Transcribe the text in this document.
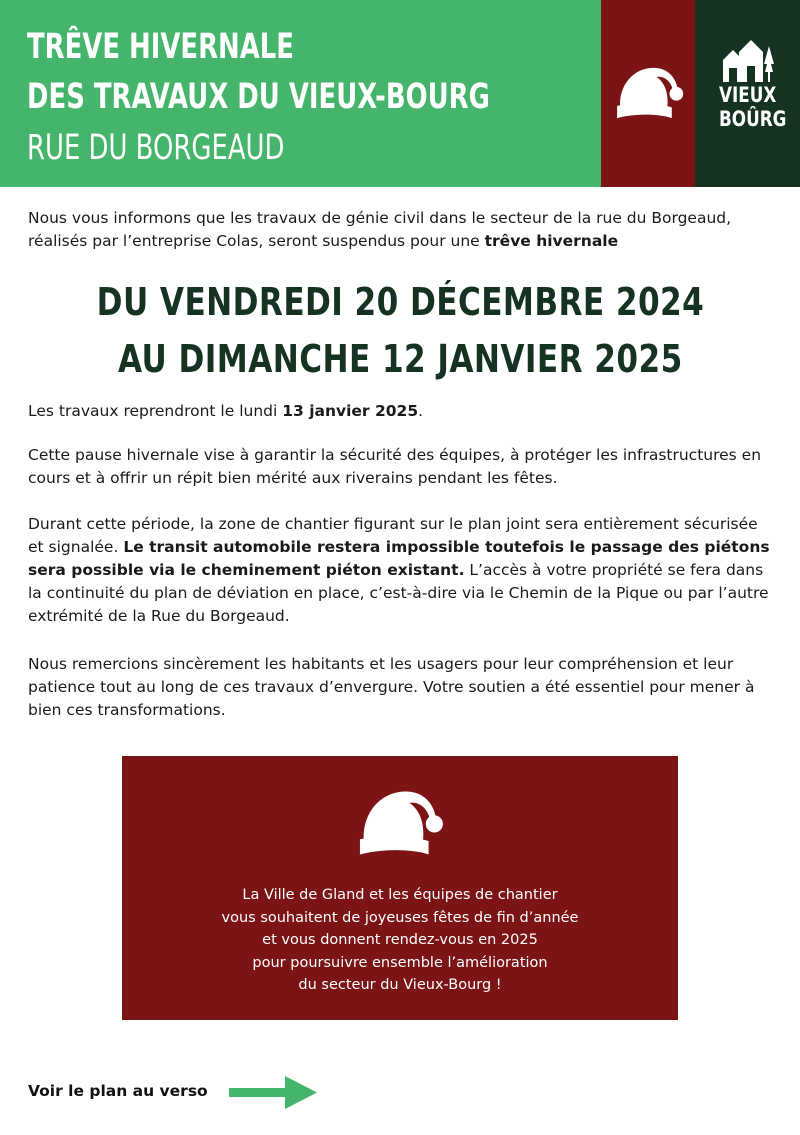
TRÊVE HIVERNALE
DES TRAVAUX DU VIEUX-BOURG
RUE DU BORGEAUD
VIEUX
BOÛRG
Nous vous informons que les travaux de génie civil dans le secteur de la rue du Borgeaud, réalisés par l’entreprise Colas, seront suspendus pour une trêve hivernale
DU VENDREDI 20 DÉCEMBRE 2024
AU DIMANCHE 12 JANVIER 2025
Les travaux reprendront le lundi 13 janvier 2025.
Cette pause hivernale vise à garantir la sécurité des équipes, à protéger les infrastructures en cours et à offrir un répit bien mérité aux riverains pendant les fêtes.
Durant cette période, la zone de chantier figurant sur le plan joint sera entièrement sécurisée et signalée. Le transit automobile restera impossible toutefois le passage des piétons sera possible via le cheminement piéton existant. L’accès à votre propriété se fera dans la continuité du plan de déviation en place, c’est-à-dire via le Chemin de la Pique ou par l’autre extrémité de la Rue du Borgeaud.
Nous remercions sincèrement les habitants et les usagers pour leur compréhension et leur patience tout au long de ces travaux d’envergure. Votre soutien a été essentiel pour mener à bien ces transformations.
La Ville de Gland et les équipes de chantier
vous souhaitent de joyeuses fêtes de fin d’année
et vous donnent rendez-vous en 2025
pour poursuivre ensemble l’amélioration
du secteur du Vieux-Bourg !
Voir le plan au verso
